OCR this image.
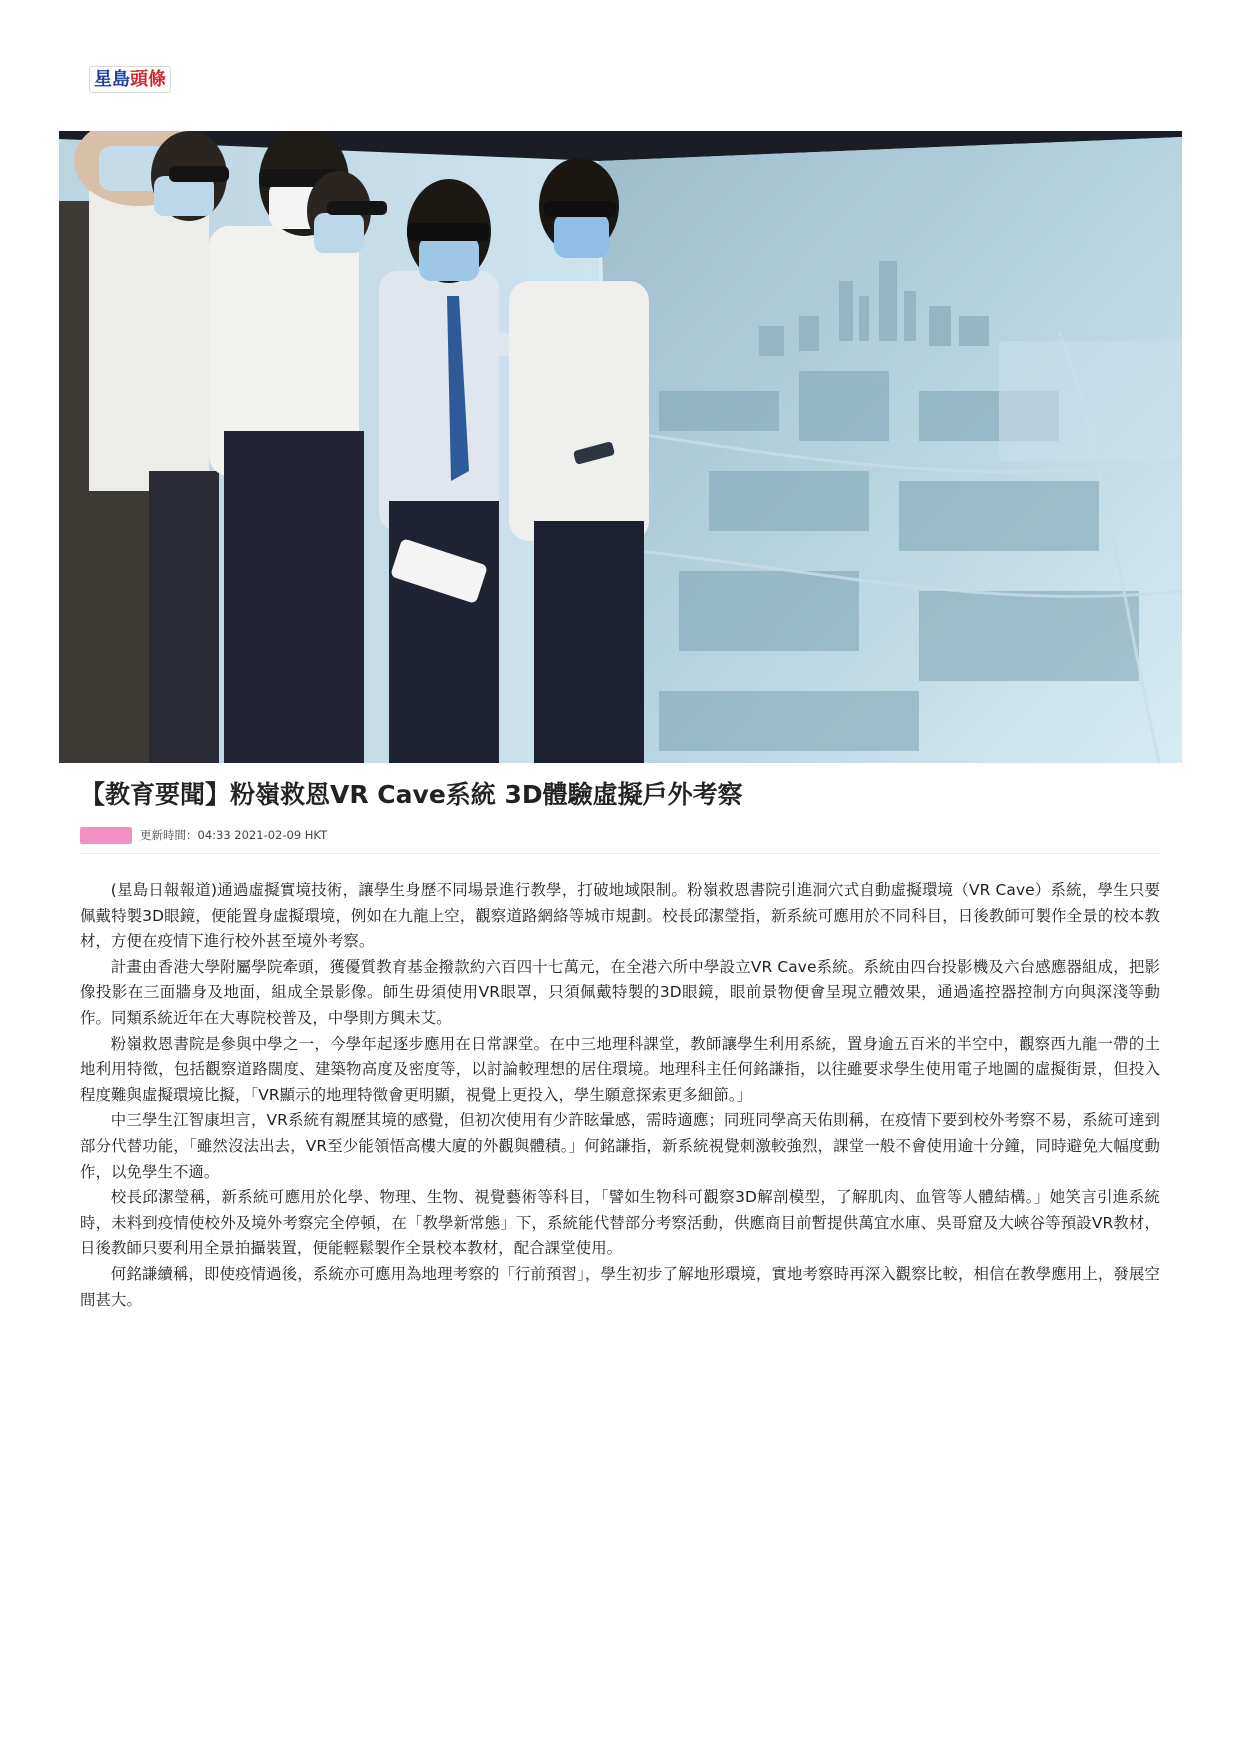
星島 頭條
【教育要聞】粉嶺救恩VR Cave系統 3D體驗虛擬戶外考察
更新時間： 04:33 2021-02-09 HKT

(星島日報報道)通過虛擬實境技術，讓學生身歷不同場景進行教學，打破地域限制。粉嶺救恩書院引進洞穴式自動虛擬環境（VR Cave）系統，學生只要佩戴特製3D眼鏡，便能置身虛擬環境，例如在九龍上空，觀察道路網絡等城市規劃。校長邱潔瑩指，新系統可應用於不同科目，日後教師可製作全景的校本教材，方便在疫情下進行校外甚至境外考察。

計畫由香港大學附屬學院牽頭，獲優質教育基金撥款約六百四十七萬元，在全港六所中學設立VR Cave系統。系統由四台投影機及六台感應器組成，把影像投影在三面牆身及地面，組成全景影像。師生毋須使用VR眼罩，只須佩戴特製的3D眼鏡，眼前景物便會呈現立體效果，通過遙控器控制方向與深淺等動作。同類系統近年在大專院校普及，中學則方興未艾。

粉嶺救恩書院是參與中學之一，今學年起逐步應用在日常課堂。在中三地理科課堂，教師讓學生利用系統，置身逾五百米的半空中，觀察西九龍一帶的土地利用特徵，包括觀察道路闊度、建築物高度及密度等，以討論較理想的居住環境。地理科主任何銘謙指，以往雖要求學生使用電子地圖的虛擬街景，但投入程度難與虛擬環境比擬，「VR顯示的地理特徵會更明顯，視覺上更投入，學生願意探索更多細節。」

中三學生江智康坦言，VR系統有親歷其境的感覺，但初次使用有少許眩暈感，需時適應；同班同學高天佑則稱，在疫情下要到校外考察不易，系統可達到部分代替功能，「雖然沒法出去，VR至少能領悟高樓大廈的外觀與體積。」何銘謙指，新系統視覺刺激較強烈，課堂一般不會使用逾十分鐘，同時避免大幅度動作，以免學生不適。

校長邱潔瑩稱，新系統可應用於化學、物理、生物、視覺藝術等科目，「譬如生物科可觀察3D解剖模型，了解肌肉、血管等人體結構。」她笑言引進系統時，未料到疫情使校外及境外考察完全停頓，在「教學新常態」下，系統能代替部分考察活動，供應商目前暫提供萬宜水庫、吳哥窟及大峽谷等預設VR教材，日後教師只要利用全景拍攝裝置，便能輕鬆製作全景校本教材，配合課堂使用。

何銘謙續稱，即使疫情過後，系統亦可應用為地理考察的「行前預習」，學生初步了解地形環境，實地考察時再深入觀察比較，相信在教學應用上，發展空間甚大。
